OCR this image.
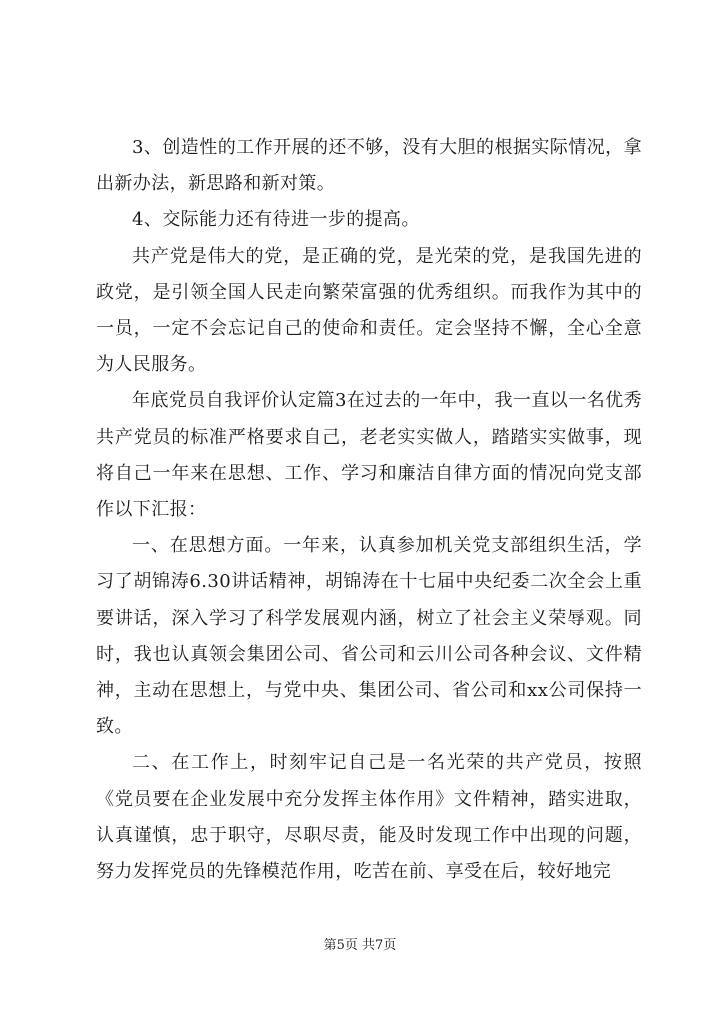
3、创造性的工作开展的还不够，没有大胆的根据实际情况，拿出新办法，新思路和新对策。

4、交际能力还有待进一步的提高。

共产党是伟大的党，是正确的党，是光荣的党，是我国先进的政党，是引领全国人民走向繁荣富强的优秀组织。而我作为其中的一员，一定不会忘记自己的使命和责任。定会坚持不懈，全心全意为人民服务。

年底党员自我评价认定篇3在过去的一年中，我一直以一名优秀共产党员的标准严格要求自己，老老实实做人，踏踏实实做事，现将自己一年来在思想、工作、学习和廉洁自律方面的情况向党支部作以下汇报：

一、在思想方面。一年来，认真参加机关党支部组织生活，学习了胡锦涛6.30讲话精神，胡锦涛在十七届中央纪委二次全会上重要讲话，深入学习了科学发展观内涵，树立了社会主义荣辱观。同时，我也认真领会集团公司、省公司和云川公司各种会议、文件精神，主动在思想上，与党中央、集团公司、省公司和xx公司保持一致。

二、在工作上，时刻牢记自己是一名光荣的共产党员，按照《党员要在企业发展中充分发挥主体作用》文件精神，踏实进取，认真谨慎，忠于职守，尽职尽责，能及时发现工作中出现的问题，努力发挥党员的先锋模范作用，吃苦在前、享受在后，较好地完

第5页 共7页
